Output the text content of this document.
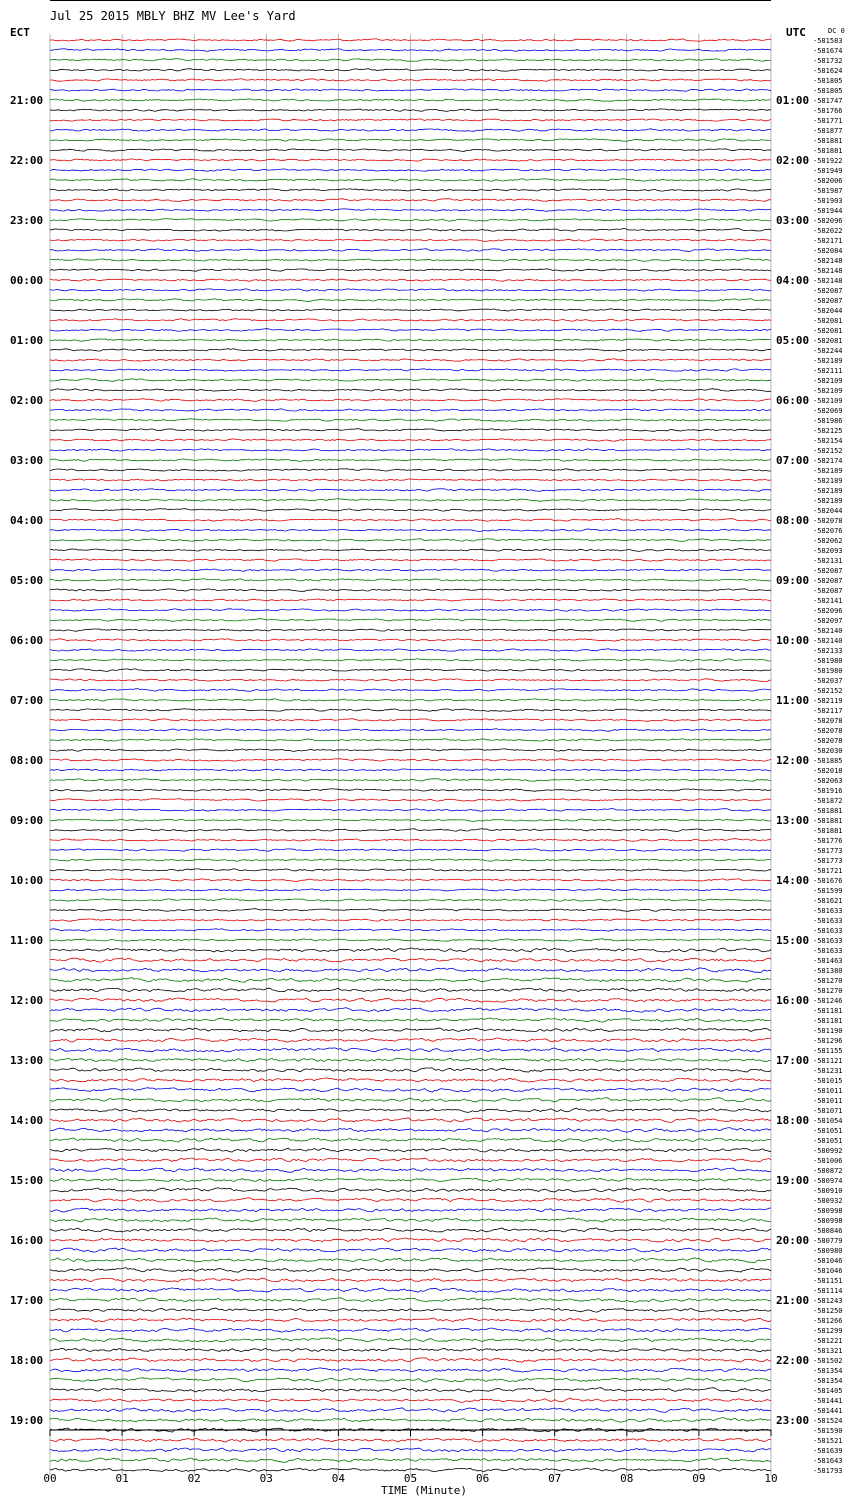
Jul 25 2015 MBLY BHZ MV Lee's Yard
ECT	UTC	DC 0
21:00
22:00
23:00
00:00
01:00
02:00
03:00
04:00
05:00
06:00
07:00
08:00
09:00
10:00
11:00
12:00
13:00
14:00
15:00
16:00
17:00
18:00
19:00
01:00
02:00
03:00
04:00
05:00
06:00
07:00
08:00
09:00
10:00
11:00
12:00
13:00
14:00
15:00
16:00
17:00
18:00
19:00
20:00
21:00
22:00
23:00
-581583
-581674
-581732
-581624
-581805
-581805
-581747
-581766
-581771
-581877
-581881
-581881
-581922
-581949
-582006
-581987
-581903
-581944
-582096
-582022
-582171
-582084
-582148
-582148
-582148
-582087
-582087
-582044
-582081
-582081
-582081
-582244
-582189
-582111
-582109
-582109
-582109
-582069
-581986
-582125
-582154
-582152
-582174
-582189
-582189
-582189
-582189
-582044
-582078
-582076
-582062
-582093
-582131
-582087
-582087
-582087
-582141
-582096
-582097
-582140
-582140
-582133
-581980
-581980
-582037
-582152
-582119
-582117
-582078
-582078
-582078
-582030
-581885
-582018
-582063
-581916
-581872
-581881
-581881
-581881
-581776
-581773
-581773
-581721
-581676
-581599
-581621
-581633
-581633
-581633
-581633
-581633
-581463
-581380
-581270
-581270
-581246
-581181
-581181
-581190
-581296
-581155
-581121
-581231
-581015
-581011
-581011
-581071
-581054
-581051
-581051
-580992
-581006
-580872
-580974
-580910
-580932
-580998
-580998
-580846
-580779
-580980
-581046
-581046
-581151
-581114
-581243
-581250
-581266
-581299
-581221
-581321
-581502
-581354
-581354
-581405
-581441
-581441
-581524
-581590
-581521
-581639
-581643
-581793
00	01	02	03	04	05	06	07	08	09	10
TIME (Minute)
